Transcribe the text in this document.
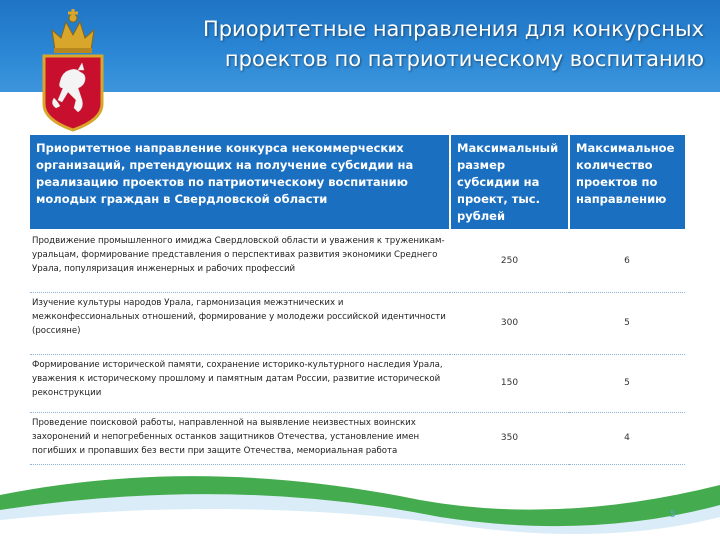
Приоритетные направления для конкурсных
проектов по патриотическому воспитанию
Приоритетное направление конкурса некоммерческих организаций, претендующих на получение субсидии на реализацию проектов по патриотическому воспитанию молодых граждан в Свердловской области	Максимальный размер субсидии на проект, тыс. рублей	Максимальное количество проектов по направлению

Продвижение промышленного имиджа Свердловской области и уважения к труженикам-уральцам, формирование представления о перспективах развития экономики Среднего Урала, популяризация инженерных и рабочих профессий	250	6

Изучение культуры народов Урала, гармонизация межэтнических и межконфессиональных отношений, формирование у молодежи российской идентичности (россияне)	300	5

Формирование исторической памяти, сохранение историко-культурного наследия Урала, уважения к историческому прошлому и памятным датам России, развитие исторической реконструкции	150	5

Проведение поисковой работы, направленной на выявление неизвестных воинских захоронений и непогребенных останков защитников Отечества, установление имен погибших и пропавших без вести при защите Отечества, мемориальная работа	350	4
5
